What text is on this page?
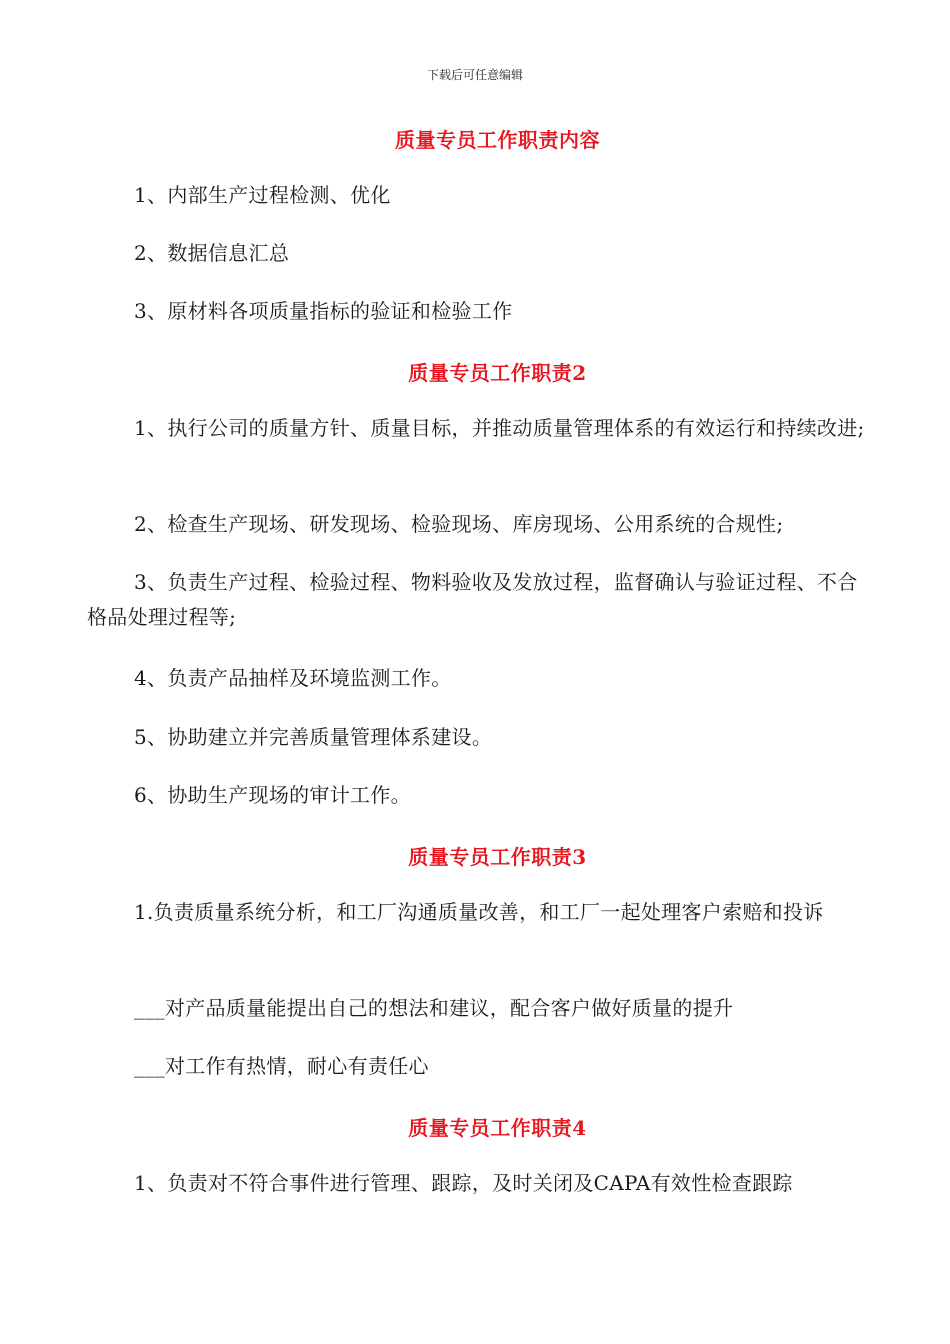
下载后可任意编辑
质量专员工作职责内容
1、内部生产过程检测、优化
2、数据信息汇总
3、原材料各项质量指标的验证和检验工作
质量专员工作职责2
1、执行公司的质量方针、质量目标，并推动质量管理体系的有效运行和持续改进;
2、检查生产现场、研发现场、检验现场、库房现场、公用系统的合规性;
3、负责生产过程、检验过程、物料验收及发放过程，监督确认与验证过程、不合格品处理过程等;
4、负责产品抽样及环境监测工作。
5、协助建立并完善质量管理体系建设。
6、协助生产现场的审计工作。
质量专员工作职责3
1.负责质量系统分析，和工厂沟通质量改善，和工厂一起处理客户索赔和投诉
___对产品质量能提出自己的想法和建议，配合客户做好质量的提升
___对工作有热情，耐心有责任心
质量专员工作职责4
1、负责对不符合事件进行管理、跟踪，及时关闭及CAPA有效性检查跟踪
